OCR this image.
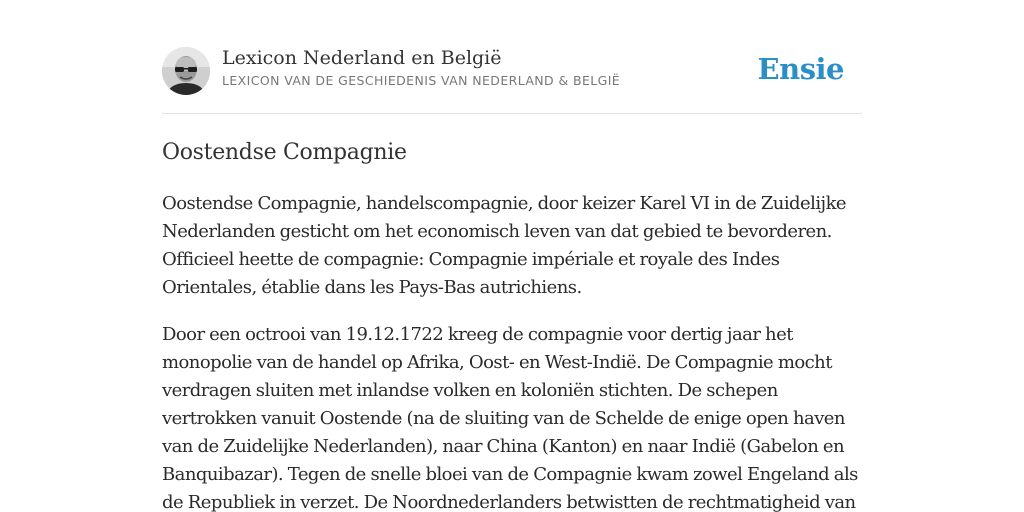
Lexicon Nederland en België
LEXICON VAN DE GESCHIEDENIS VAN NEDERLAND & BELGIË	Ensie
Oostendse Compagnie

Oostendse Compagnie, handelscompagnie, door keizer Karel VI in de Zuidelijke Nederlanden gesticht om het economisch leven van dat gebied te bevorderen. Officieel heette de compagnie: Compagnie impériale et royale des Indes Orientales, établie dans les Pays-Bas autrichiens.

Door een octrooi van 19.12.1722 kreeg de compagnie voor dertig jaar het monopolie van de handel op Afrika, Oost- en West-Indië. De Compagnie mocht verdragen sluiten met inlandse volken en koloniën stichten. De schepen vertrokken vanuit Oostende (na de sluiting van de Schelde de enige open haven van de Zuidelijke Nederlanden), naar China (Kanton) en naar Indië (Gabelon en Banquibazar). Tegen de snelle bloei van de Compagnie kwam zowel Engeland als de Republiek in verzet. De Noordnederlanders betwistten de rechtmatigheid van
